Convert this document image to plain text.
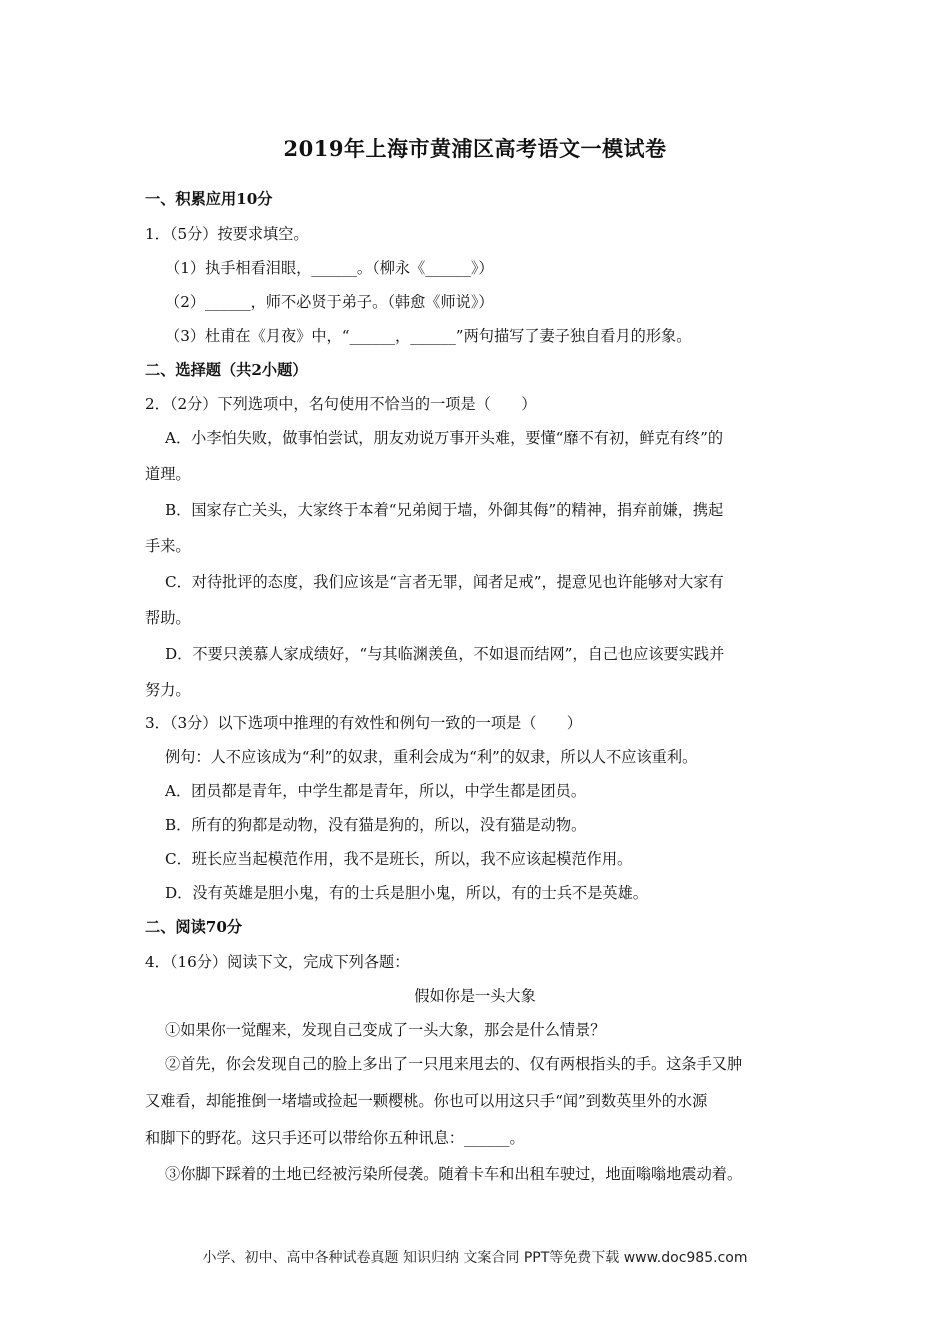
2019年上海市黄浦区高考语文一模试卷
一、积累应用10分
1．（5分）按要求填空。
（1）执手相看泪眼，______。（柳永《______》）
（2）______，师不必贤于弟子。（韩愈《师说》）
（3）杜甫在《月夜》中，“______，______”两句描写了妻子独自看月的形象。
二、选择题（共2小题）
2．（2分）下列选项中，名句使用不恰当的一项是（　　）
A．小李怕失败，做事怕尝试，朋友劝说万事开头难，要懂“靡不有初，鲜克有终”的
道理。
B．国家存亡关头，大家终于本着“兄弟阋于墙，外御其侮”的精神，捐弃前嫌，携起
手来。
C．对待批评的态度，我们应该是“言者无罪，闻者足戒”，提意见也许能够对大家有
帮助。
D．不要只羡慕人家成绩好，“与其临渊羡鱼，不如退而结网”，自己也应该要实践并
努力。
3．（3分）以下选项中推理的有效性和例句一致的一项是（　　）
例句：人不应该成为“利”的奴隶，重利会成为“利”的奴隶，所以人不应该重利。
A．团员都是青年，中学生都是青年，所以，中学生都是团员。
B．所有的狗都是动物，没有猫是狗的，所以，没有猫是动物。
C．班长应当起模范作用，我不是班长，所以，我不应该起模范作用。
D．没有英雄是胆小鬼，有的士兵是胆小鬼，所以，有的士兵不是英雄。
二、阅读70分
4．（16分）阅读下文，完成下列各题：
假如你是一头大象
①如果你一觉醒来，发现自己变成了一头大象，那会是什么情景？
②首先，你会发现自己的脸上多出了一只甩来甩去的、仅有两根指头的手。这条手又肿
又难看，却能推倒一堵墙或捡起一颗樱桃。你也可以用这只手“闻”到数英里外的水源
和脚下的野花。这只手还可以带给你五种讯息：______。
③你脚下踩着的土地已经被污染所侵袭。随着卡车和出租车驶过，地面嗡嗡地震动着。
小学、初中、高中各种试卷真题 知识归纳 文案合同 PPT等免费下载 www.doc985.com
